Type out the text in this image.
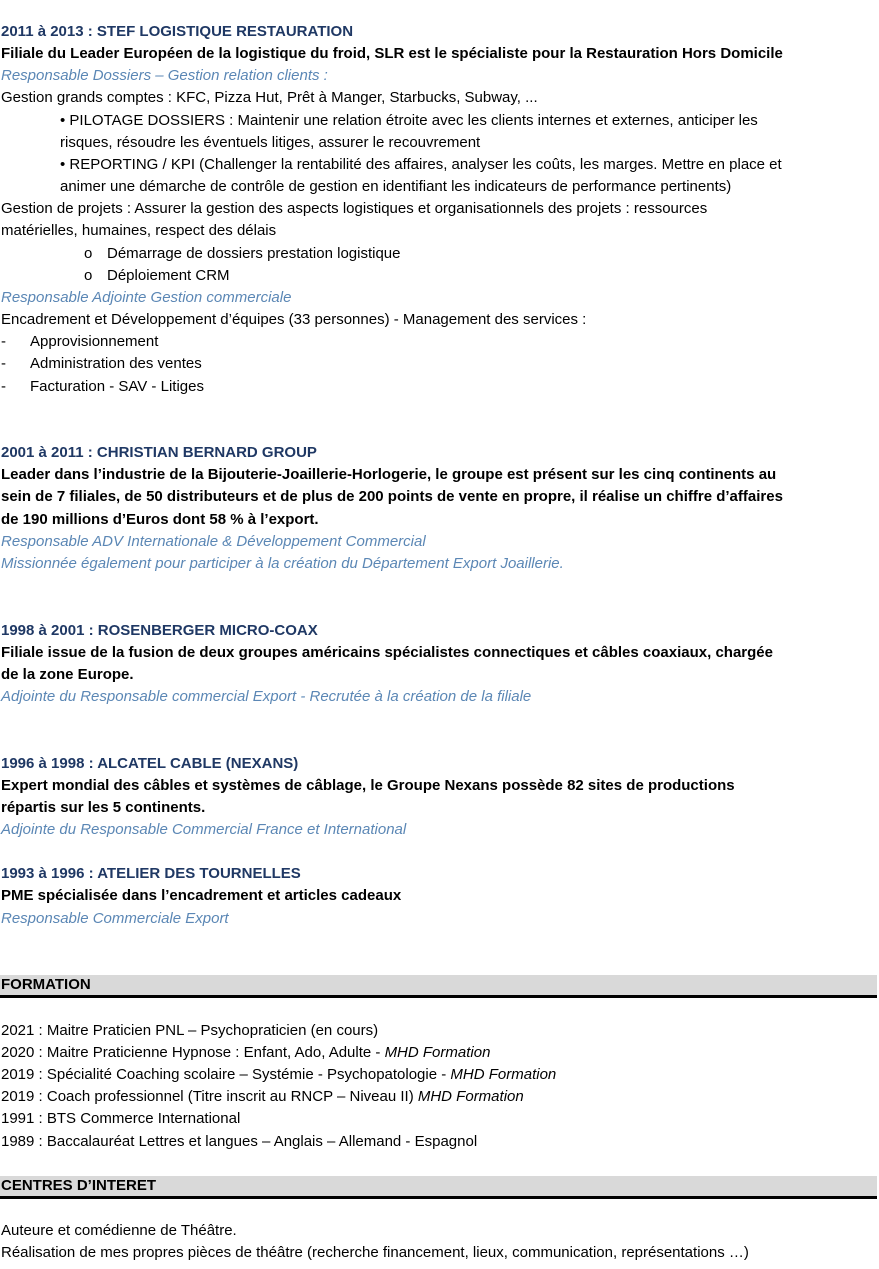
2011 à 2013 : STEF LOGISTIQUE RESTAURATION
Filiale du Leader Européen de la logistique du froid, SLR est le spécialiste pour la Restauration Hors Domicile
Responsable Dossiers – Gestion relation clients :
Gestion grands comptes : KFC, Pizza Hut, Prêt à Manger, Starbucks, Subway, ...
• PILOTAGE DOSSIERS : Maintenir une relation étroite avec les clients internes et externes, anticiper les
risques, résoudre les éventuels litiges, assurer le recouvrement
• REPORTING / KPI (Challenger la rentabilité des affaires, analyser les coûts, les marges. Mettre en place et
animer une démarche de contrôle de gestion en identifiant les indicateurs de performance pertinents)
Gestion de projets : Assurer la gestion des aspects logistiques et organisationnels des projets : ressources
matérielles, humaines, respect des délais
o Démarrage de dossiers prestation logistique
o Déploiement CRM
Responsable Adjointe Gestion commerciale
Encadrement et Développement d’équipes (33 personnes) - Management des services :
- Approvisionnement
- Administration des ventes
- Facturation - SAV - Litiges
2001 à 2011 : CHRISTIAN BERNARD GROUP
Leader dans l’industrie de la Bijouterie-Joaillerie-Horlogerie, le groupe est présent sur les cinq continents au
sein de 7 filiales, de 50 distributeurs et de plus de 200 points de vente en propre, il réalise un chiffre d’affaires
de 190 millions d’Euros dont 58 % à l’export.
Responsable ADV Internationale & Développement Commercial
Missionnée également pour participer à la création du Département Export Joaillerie.
1998 à 2001 : ROSENBERGER MICRO-COAX
Filiale issue de la fusion de deux groupes américains spécialistes connectiques et câbles coaxiaux, chargée
de la zone Europe.
Adjointe du Responsable commercial Export - Recrutée à la création de la filiale
1996 à 1998 : ALCATEL CABLE (NEXANS)
Expert mondial des câbles et systèmes de câblage, le Groupe Nexans possède 82 sites de productions
répartis sur les 5 continents.
Adjointe du Responsable Commercial France et International
1993 à 1996 : ATELIER DES TOURNELLES
PME spécialisée dans l’encadrement et articles cadeaux
Responsable Commerciale Export
FORMATION
2021 : Maitre Praticien PNL – Psychopraticien (en cours)
2020 : Maitre Praticienne Hypnose : Enfant, Ado, Adulte - MHD Formation
2019 : Spécialité Coaching scolaire – Systémie - Psychopatologie - MHD Formation
2019 : Coach professionnel (Titre inscrit au RNCP – Niveau II) MHD Formation
1991 : BTS Commerce International
1989 : Baccalauréat Lettres et langues – Anglais – Allemand - Espagnol
CENTRES D’INTERET
Auteure et comédienne de Théâtre.
Réalisation de mes propres pièces de théâtre (recherche financement, lieux, communication, représentations …)
